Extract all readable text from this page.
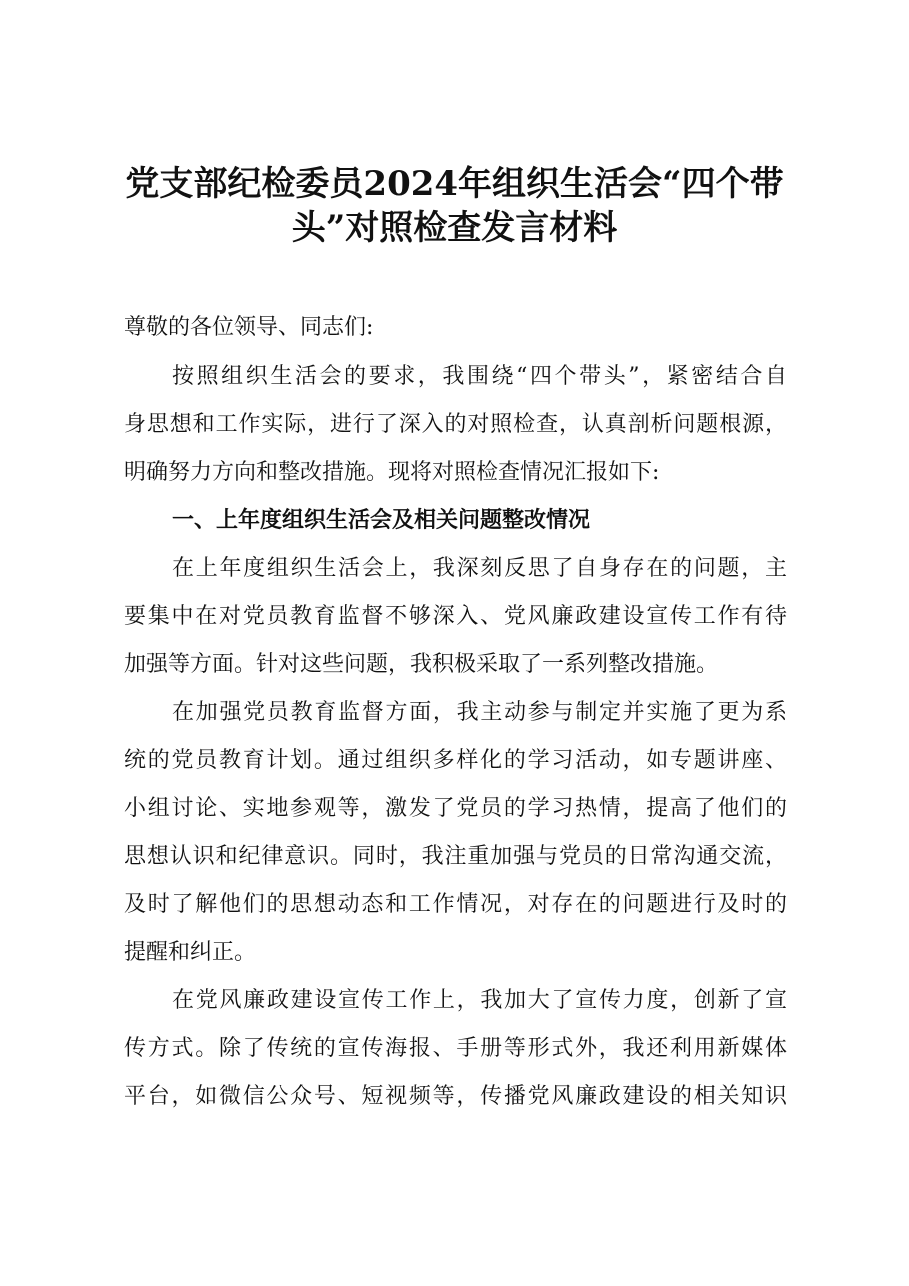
党支部纪检委员2024年组织生活会“四个带
头”对照检查发言材料

尊敬的各位领导、同志们:

按照组织生活会的要求，我围绕“四个带头”，紧密结合自

身思想和工作实际，进行了深入的对照检查，认真剖析问题根源，

明确努力方向和整改措施。现将对照检查情况汇报如下:

一、上年度组织生活会及相关问题整改情况

在上年度组织生活会上，我深刻反思了自身存在的问题，主

要集中在对党员教育监督不够深入、党风廉政建设宣传工作有待

加强等方面。针对这些问题，我积极采取了一系列整改措施。

在加强党员教育监督方面，我主动参与制定并实施了更为系

统的党员教育计划。通过组织多样化的学习活动，如专题讲座、

小组讨论、实地参观等，激发了党员的学习热情，提高了他们的

思想认识和纪律意识。同时，我注重加强与党员的日常沟通交流，

及时了解他们的思想动态和工作情况，对存在的问题进行及时的

提醒和纠正。

在党风廉政建设宣传工作上，我加大了宣传力度，创新了宣

传方式。除了传统的宣传海报、手册等形式外，我还利用新媒体

平台，如微信公众号、短视频等，传播党风廉政建设的相关知识
